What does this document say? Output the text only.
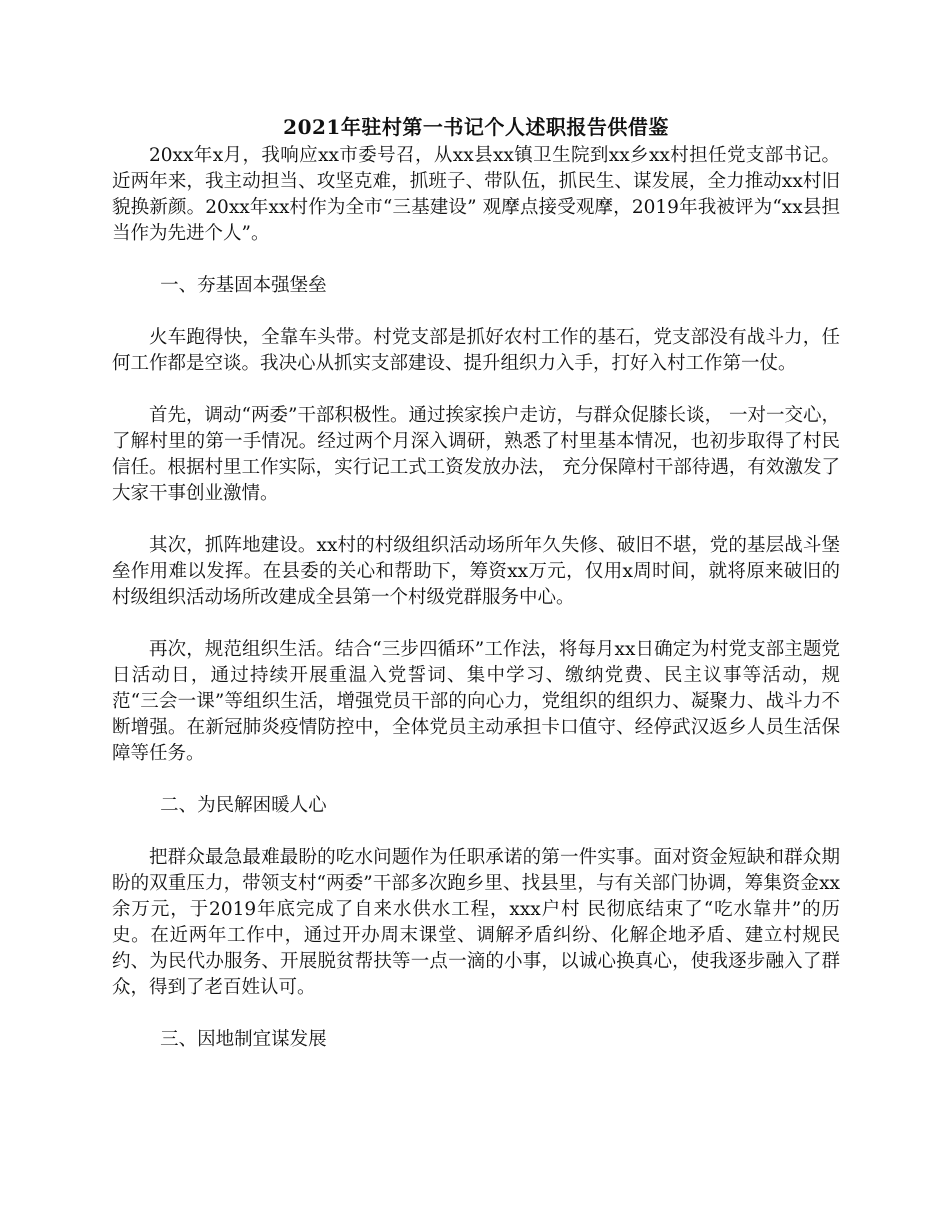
2021年驻村第一书记个人述职报告供借鉴

20xx年x月，我响应xx市委号召，从xx县xx镇卫生院到xx乡xx村担任党支部书记。近两年来，我主动担当、攻坚克难，抓班子、带队伍，抓民生、谋发展，全力推动xx村旧貌换新颜。20xx年xx村作为全市“三基建设” 观摩点接受观摩，2019年我被评为“xx县担当作为先进个人”。

一、夯基固本强堡垒

火车跑得快，全靠车头带。村党支部是抓好农村工作的基石，党支部没有战斗力，任何工作都是空谈。我决心从抓实支部建设、提升组织力入手，打好入村工作第一仗。

首先，调动“两委”干部积极性。通过挨家挨户走访，与群众促膝长谈， 一对一交心，了解村里的第一手情况。经过两个月深入调研，熟悉了村里基本情况，也初步取得了村民信任。根据村里工作实际，实行记工式工资发放办法， 充分保障村干部待遇，有效激发了大家干事创业激情。

其次，抓阵地建设。xx村的村级组织活动场所年久失修、破旧不堪，党的基层战斗堡垒作用难以发挥。在县委的关心和帮助下，筹资xx万元，仅用x周时间，就将原来破旧的村级组织活动场所改建成全县第一个村级党群服务中心。

再次，规范组织生活。结合“三步四循环”工作法，将每月xx日确定为村党支部主题党日活动日，通过持续开展重温入党誓词、集中学习、缴纳党费、民主议事等活动，规范“三会一课”等组织生活，增强党员干部的向心力，党组织的组织力、凝聚力、战斗力不断增强。在新冠肺炎疫情防控中，全体党员主动承担卡口值守、经停武汉返乡人员生活保障等任务。

二、为民解困暖人心

把群众最急最难最盼的吃水问题作为任职承诺的第一件实事。面对资金短缺和群众期盼的双重压力，带领支村“两委”干部多次跑乡里、找县里，与有关部门协调，筹集资金xx余万元，于2019年底完成了自来水供水工程，xxx户村 民彻底结束了“吃水靠井”的历史。在近两年工作中，通过开办周末课堂、调解矛盾纠纷、化解企地矛盾、建立村规民约、为民代办服务、开展脱贫帮扶等一点一滴的小事，以诚心换真心，使我逐步融入了群众，得到了老百姓认可。

三、因地制宜谋发展
